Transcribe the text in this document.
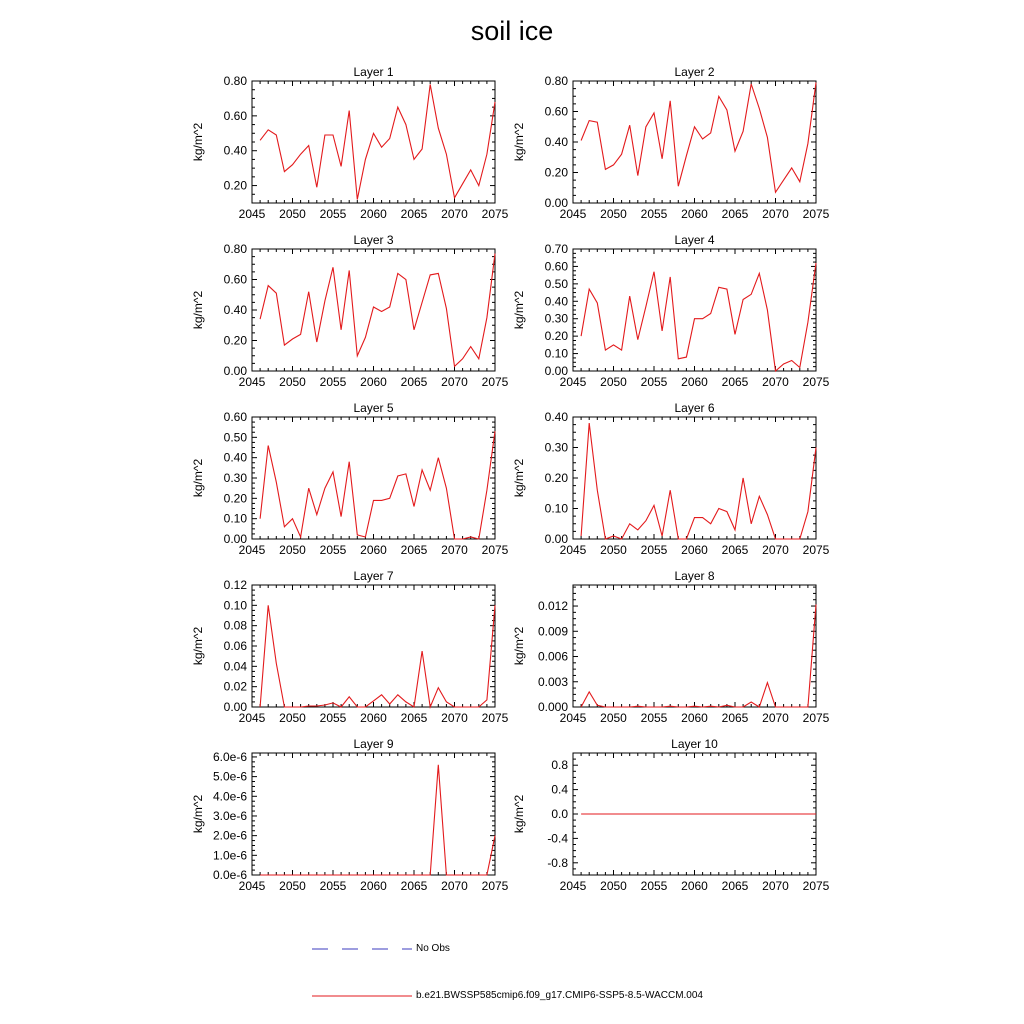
soil ice
Layer 1
kg/m^2
2045 2050 2055 2060 2065 2070 2075
0.20
0.40
0.60
0.80
Layer 2
kg/m^2
2045 2050 2055 2060 2065 2070 2075
0.00
0.20
0.40
0.60
0.80
Layer 3
kg/m^2
2045 2050 2055 2060 2065 2070 2075
0.00
0.20
0.40
0.60
0.80
Layer 4
kg/m^2
2045 2050 2055 2060 2065 2070 2075
0.00
0.10
0.20
0.30
0.40
0.50
0.60
0.70
Layer 5
kg/m^2
2045 2050 2055 2060 2065 2070 2075
0.00
0.10
0.20
0.30
0.40
0.50
0.60
Layer 6
kg/m^2
2045 2050 2055 2060 2065 2070 2075
0.00
0.10
0.20
0.30
0.40
Layer 7
kg/m^2
2045 2050 2055 2060 2065 2070 2075
0.00
0.02
0.04
0.06
0.08
0.10
0.12
Layer 8
kg/m^2
2045 2050 2055 2060 2065 2070 2075
0.000
0.003
0.006
0.009
0.012
Layer 9
kg/m^2
2045 2050 2055 2060 2065 2070 2075
0.0e-6
1.0e-6
2.0e-6
3.0e-6
4.0e-6
5.0e-6
6.0e-6
Layer 10
kg/m^2
2045 2050 2055 2060 2065 2070 2075
-0.8
-0.4
0.0
0.4
0.8
No Obs
b.e21.BWSSP585cmip6.f09_g17.CMIP6-SSP5-8.5-WACCM.004
